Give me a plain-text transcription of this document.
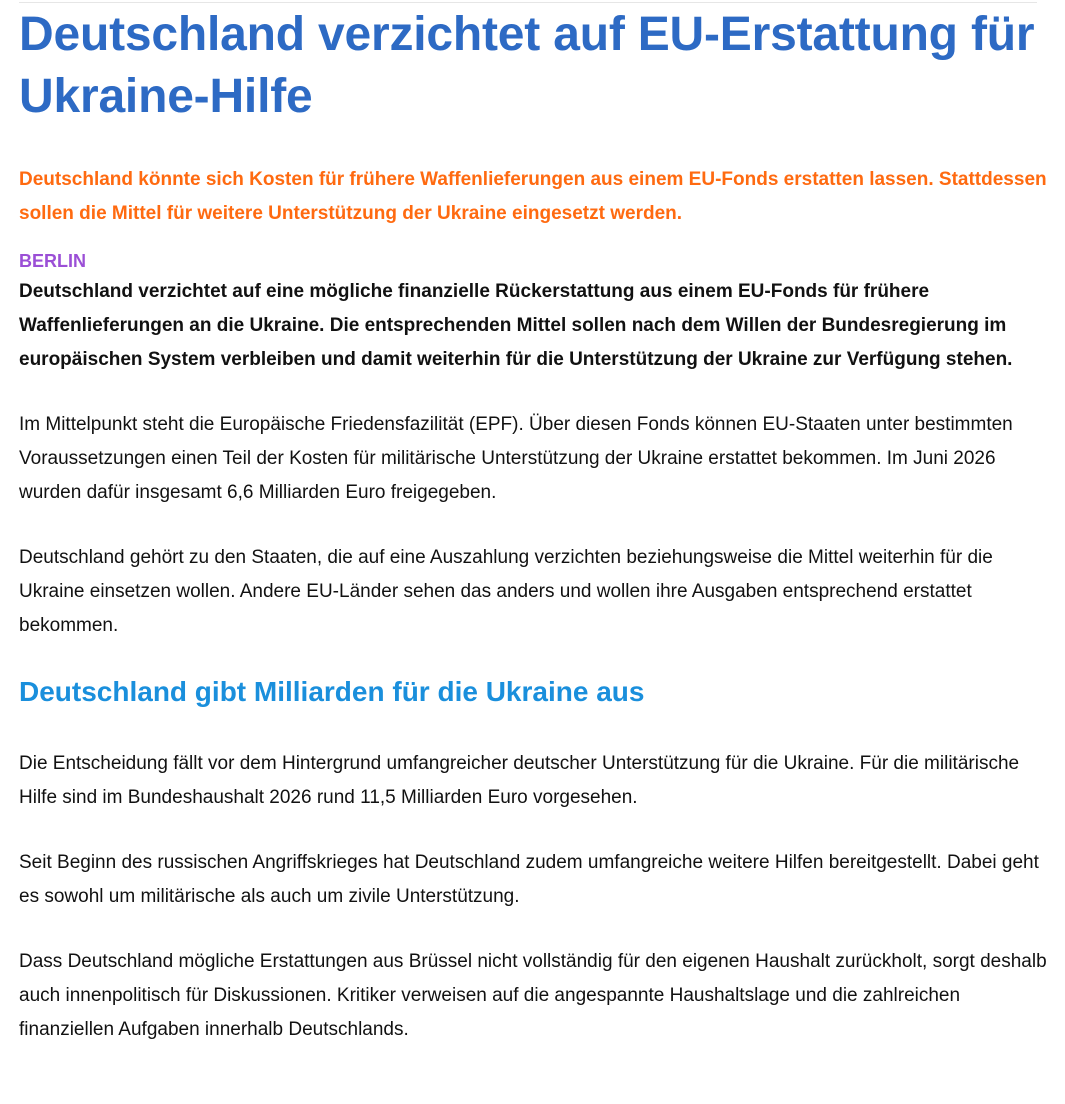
Deutschland verzichtet auf EU-Erstattung für Ukraine-Hilfe

Deutschland könnte sich Kosten für frühere Waffenlieferungen aus einem EU-Fonds erstatten lassen. Stattdessen sollen die Mittel für weitere Unterstützung der Ukraine eingesetzt werden.

BERLIN

Deutschland verzichtet auf eine mögliche finanzielle Rückerstattung aus einem EU-Fonds für frühere Waffenlieferungen an die Ukraine. Die entsprechenden Mittel sollen nach dem Willen der Bundesregierung im europäischen System verbleiben und damit weiterhin für die Unterstützung der Ukraine zur Verfügung stehen.

Im Mittelpunkt steht die Europäische Friedensfazilität (EPF). Über diesen Fonds können EU-Staaten unter bestimmten Voraussetzungen einen Teil der Kosten für militärische Unterstützung der Ukraine erstattet bekommen. Im Juni 2026 wurden dafür insgesamt 6,6 Milliarden Euro freigegeben.

Deutschland gehört zu den Staaten, die auf eine Auszahlung verzichten beziehungsweise die Mittel weiterhin für die Ukraine einsetzen wollen. Andere EU-Länder sehen das anders und wollen ihre Ausgaben entsprechend erstattet bekommen.

Deutschland gibt Milliarden für die Ukraine aus

Die Entscheidung fällt vor dem Hintergrund umfangreicher deutscher Unterstützung für die Ukraine. Für die militärische Hilfe sind im Bundeshaushalt 2026 rund 11,5 Milliarden Euro vorgesehen.

Seit Beginn des russischen Angriffskrieges hat Deutschland zudem umfangreiche weitere Hilfen bereitgestellt. Dabei geht es sowohl um militärische als auch um zivile Unterstützung.

Dass Deutschland mögliche Erstattungen aus Brüssel nicht vollständig für den eigenen Haushalt zurückholt, sorgt deshalb auch innenpolitisch für Diskussionen. Kritiker verweisen auf die angespannte Haushaltslage und die zahlreichen finanziellen Aufgaben innerhalb Deutschlands.
